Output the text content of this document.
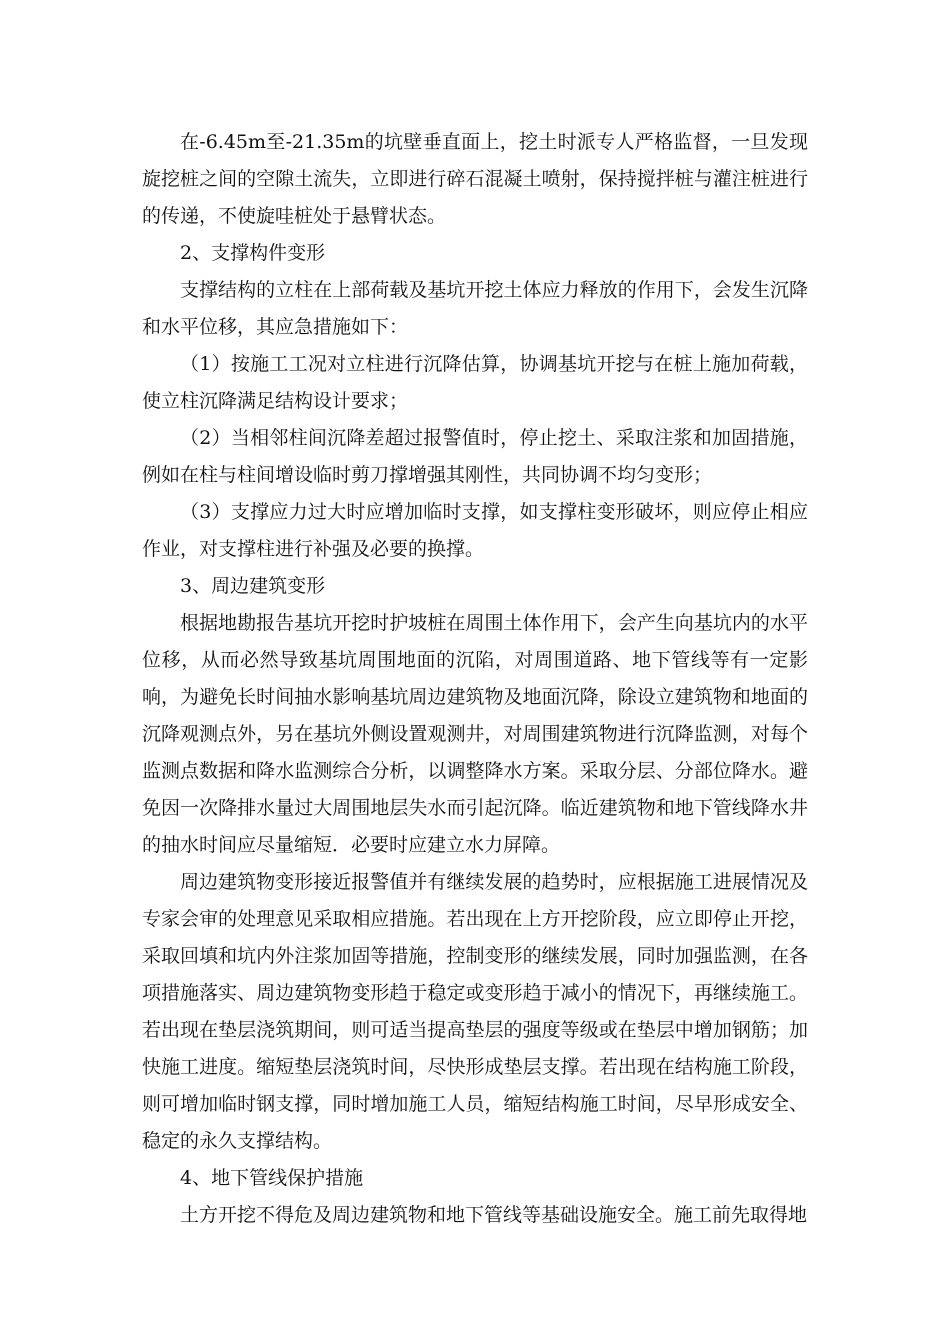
在-6.45m至-21.35m的坑壁垂直面上，挖土时派专人严格监督，一旦发现旋挖桩之间的空隙土流失，立即进行碎石混凝土喷射，保持搅拌桩与灌注桩进行的传递，不使旋哇桩处于悬臂状态。

2、支撑构件变形

支撑结构的立柱在上部荷载及基坑开挖土体应力释放的作用下，会发生沉降和水平位移，其应急措施如下：

（1）按施工工况对立柱进行沉降估算，协调基坑开挖与在桩上施加荷载，使立柱沉降满足结构设计要求；

（2）当相邻柱间沉降差超过报警值时，停止挖土、采取注浆和加固措施，例如在柱与柱间增设临时剪刀撑增强其刚性，共同协调不均匀变形；

（3）支撑应力过大时应增加临时支撑，如支撑柱变形破坏，则应停止相应作业，对支撑柱进行补强及必要的换撑。

3、周边建筑变形

根据地勘报告基坑开挖时护坡桩在周围土体作用下，会产生向基坑内的水平位移，从而必然导致基坑周围地面的沉陷，对周围道路、地下管线等有一定影响，为避免长时间抽水影响基坑周边建筑物及地面沉降，除设立建筑物和地面的沉降观测点外，另在基坑外侧设置观测井，对周围建筑物进行沉降监测，对每个监测点数据和降水监测综合分析，以调整降水方案。采取分层、分部位降水。避免因一次降排水量过大周围地层失水而引起沉降。临近建筑物和地下管线降水井的抽水时间应尽量缩短．必要时应建立水力屏障。

周边建筑物变形接近报警值并有继续发展的趋势时，应根据施工进展情况及专家会审的处理意见采取相应措施。若出现在上方开挖阶段，应立即停止开挖，采取回填和坑内外注浆加固等措施，控制变形的继续发展，同时加强监测，在各项措施落实、周边建筑物变形趋于稳定或变形趋于减小的情况下，再继续施工。若出现在垫层浇筑期间，则可适当提高垫层的强度等级或在垫层中增加钢筋；加快施工进度。缩短垫层浇筑时间，尽快形成垫层支撑。若出现在结构施工阶段，则可增加临时钢支撑，同时增加施工人员，缩短结构施工时间，尽早形成安全、稳定的永久支撑结构。

4、地下管线保护措施

土方开挖不得危及周边建筑物和地下管线等基础设施安全。施工前先取得地
